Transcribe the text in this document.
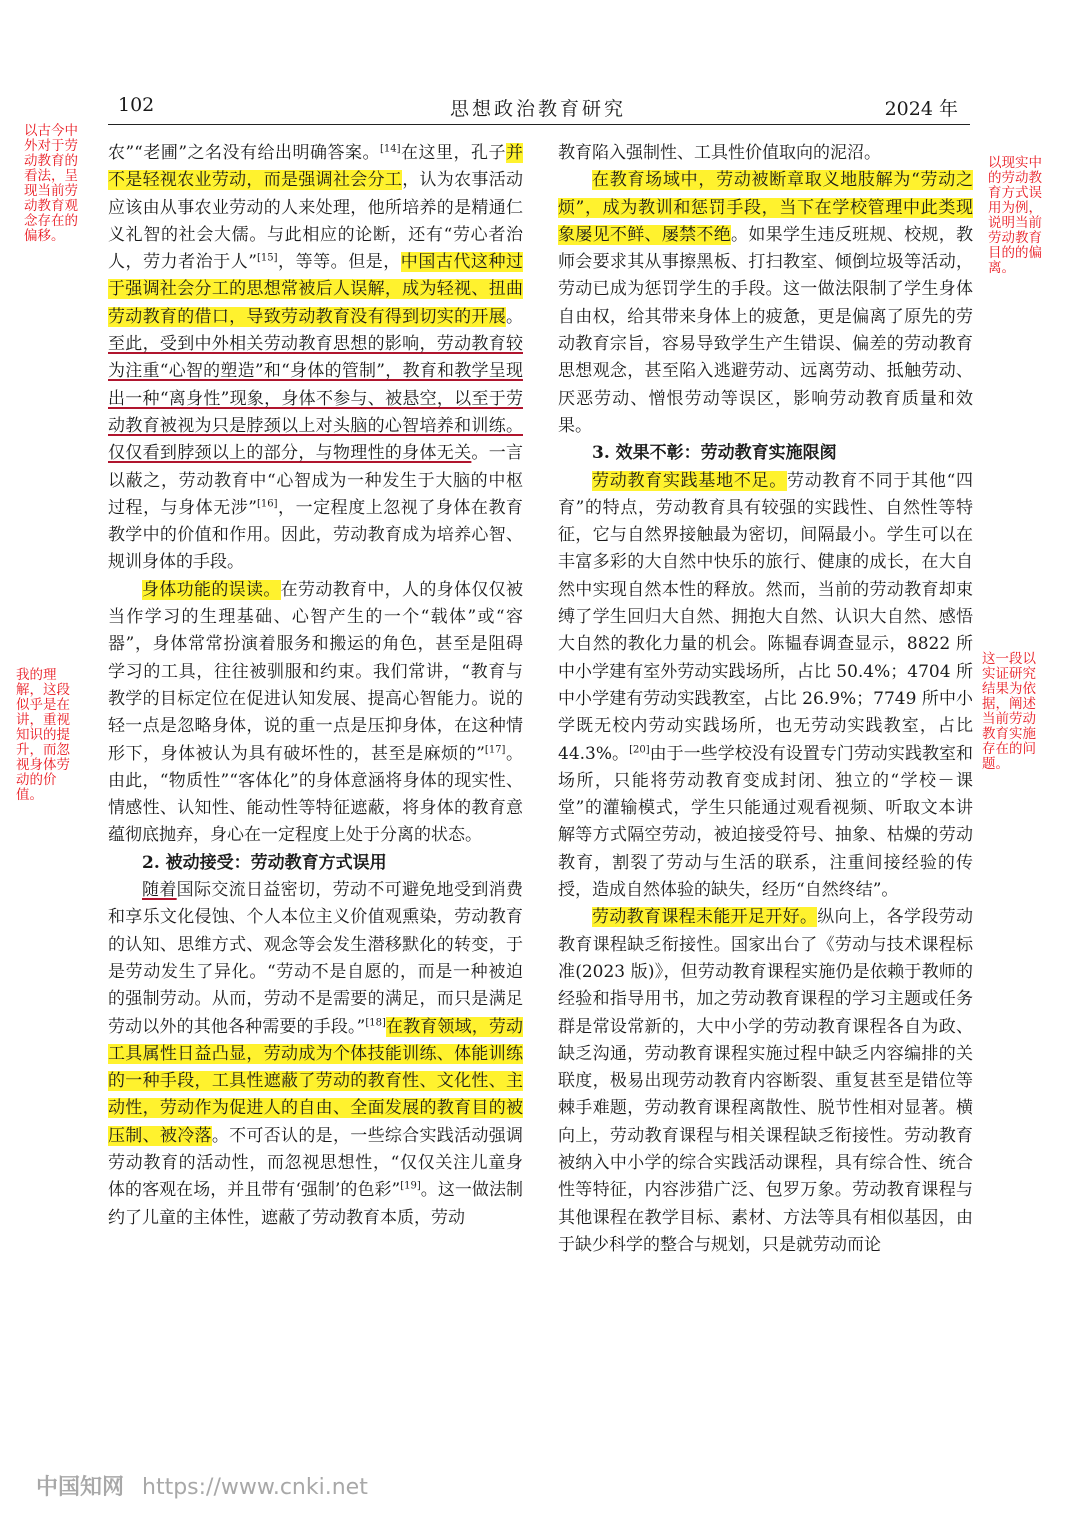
102	思想政治教育研究	2024 年
以古今中外对于劳动教育的看法，呈现当前劳动教育观念存在的偏移。
我的理解，这段似乎是在讲，重视知识的提升，而忽视身体劳动的价值。
以现实中的劳动教育方式误用为例，说明当前劳动教育目的的偏离。
这一段以实证研究结果为依据，阐述当前劳动教育实施存在的问题。

农”“老圃”之名没有给出明确答案。[14]在这里，孔子并不是轻视农业劳动，而是强调社会分工，认为农事活动应该由从事农业劳动的人来处理，他所培养的是精通仁义礼智的社会大儒。与此相应的论断，还有“劳心者治人，劳力者治于人”[15]，等等。但是，中国古代这种过于强调社会分工的思想常被后人误解，成为轻视、扭曲劳动教育的借口，导致劳动教育没有得到切实的开展。至此，受到中外相关劳动教育思想的影响，劳动教育较为注重“心智的塑造”和“身体的管制”，教育和教学呈现出一种“离身性”现象，身体不参与、被悬空，以至于劳动教育被视为只是脖颈以上对头脑的心智培养和训练。仅仅看到脖颈以上的部分，与物理性的身体无关。一言以蔽之，劳动教育中“心智成为一种发生于大脑的中枢过程，与身体无涉”[16]，一定程度上忽视了身体在教育教学中的价值和作用。因此，劳动教育成为培养心智、规训身体的手段。

身体功能的误读。在劳动教育中，人的身体仅仅被当作学习的生理基础、心智产生的一个“载体”或“容器”，身体常常扮演着服务和搬运的角色，甚至是阻碍学习的工具，往往被驯服和约束。我们常讲，“教育与教学的目标定位在促进认知发展、提高心智能力。说的轻一点是忽略身体，说的重一点是压抑身体，在这种情形下，身体被认为具有破坏性的，甚至是麻烦的”[17]。由此，“物质性”“客体化”的身体意涵将身体的现实性、情感性、认知性、能动性等特征遮蔽，将身体的教育意蕴彻底抛弃，身心在一定程度上处于分离的状态。

2. 被动接受：劳动教育方式误用

随着国际交流日益密切，劳动不可避免地受到消费和享乐文化侵蚀、个人本位主义价值观熏染，劳动教育的认知、思维方式、观念等会发生潜移默化的转变，于是劳动发生了异化。“劳动不是自愿的，而是一种被迫的强制劳动。从而，劳动不是需要的满足，而只是满足劳动以外的其他各种需要的手段。”[18]在教育领域，劳动工具属性日益凸显，劳动成为个体技能训练、体能训练的一种手段，工具性遮蔽了劳动的教育性、文化性、主动性，劳动作为促进人的自由、全面发展的教育目的被压制、被冷落。不可否认的是，一些综合实践活动强调劳动教育的活动性，而忽视思想性，“仅仅关注儿童身体的客观在场，并且带有‘强制’的色彩”[19]。这一做法制约了儿童的主体性，遮蔽了劳动教育本质，劳动

教育陷入强制性、工具性价值取向的泥沼。

在教育场域中，劳动被断章取义地肢解为“劳动之烦”，成为教训和惩罚手段，当下在学校管理中此类现象屡见不鲜、屡禁不绝。如果学生违反班规、校规，教师会要求其从事擦黑板、打扫教室、倾倒垃圾等活动，劳动已成为惩罚学生的手段。这一做法限制了学生身体自由权，给其带来身体上的疲惫，更是偏离了原先的劳动教育宗旨，容易导致学生产生错误、偏差的劳动教育思想观念，甚至陷入逃避劳动、远离劳动、抵触劳动、厌恶劳动、憎恨劳动等误区，影响劳动教育质量和效果。

3. 效果不彰：劳动教育实施限阂

劳动教育实践基地不足。劳动教育不同于其他“四育”的特点，劳动教育具有较强的实践性、自然性等特征，它与自然界接触最为密切，间隔最小。学生可以在丰富多彩的大自然中快乐的旅行、健康的成长，在大自然中实现自然本性的释放。然而，当前的劳动教育却束缚了学生回归大自然、拥抱大自然、认识大自然、感悟大自然的教化力量的机会。陈韫春调查显示，8822 所中小学建有室外劳动实践场所，占比 50.4%；4704 所中小学建有劳动实践教室，占比 26.9%；7749 所中小学既无校内劳动实践场所，也无劳动实践教室，占比 44.3%。[20]由于一些学校没有设置专门劳动实践教室和场所，只能将劳动教育变成封闭、独立的“学校－课堂”的灌输模式，学生只能通过观看视频、听取文本讲解等方式隔空劳动，被迫接受符号、抽象、枯燥的劳动教育，割裂了劳动与生活的联系，注重间接经验的传授，造成自然体验的缺失，经历“自然终结”。

劳动教育课程未能开足开好。纵向上，各学段劳动教育课程缺乏衔接性。国家出台了《劳动与技术课程标准(2023 版)》，但劳动教育课程实施仍是依赖于教师的经验和指导用书，加之劳动教育课程的学习主题或任务群是常设常新的，大中小学的劳动教育课程各自为政、缺乏沟通，劳动教育课程实施过程中缺乏内容编排的关联度，极易出现劳动教育内容断裂、重复甚至是错位等棘手难题，劳动教育课程离散性、脱节性相对显著。横向上，劳动教育课程与相关课程缺乏衔接性。劳动教育被纳入中小学的综合实践活动课程，具有综合性、统合性等特征，内容涉猎广泛、包罗万象。劳动教育课程与其他课程在教学目标、素材、方法等具有相似基因，由于缺少科学的整合与规划，只是就劳动而论

中国知网 https://www.cnki.net
